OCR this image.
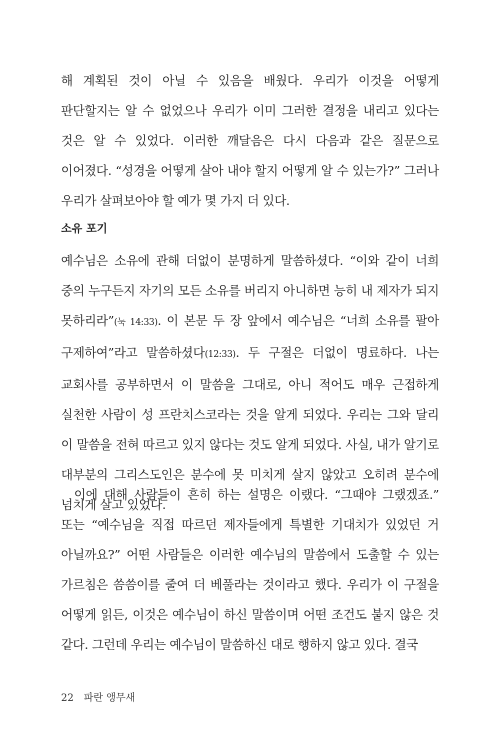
해 계획된 것이 아닐 수 있음을 배웠다. 우리가 이것을 어떻게 판단할지는 알 수 없었으나 우리가 이미 그러한 결정을 내리고 있다는 것은 알 수 있었다. 이러한 깨달음은 다시 다음과 같은 질문으로 이어졌다. “성경을 어떻게 살아 내야 할지 어떻게 알 수 있는가?” 그러나 우리가 살펴보아야 할 예가 몇 가지 더 있다.

소유 포기

예수님은 소유에 관해 더없이 분명하게 말씀하셨다. “이와 같이 너희 중의 누구든지 자기의 모든 소유를 버리지 아니하면 능히 내 제자가 되지 못하리라”(눅 14:33). 이 본문 두 장 앞에서 예수님은 “너희 소유를 팔아 구제하여”라고 말씀하셨다(12:33). 두 구절은 더없이 명료하다. 나는 교회사를 공부하면서 이 말씀을 그대로, 아니 적어도 매우 근접하게 실천한 사람이 성 프란치스코라는 것을 알게 되었다. 우리는 그와 달리 이 말씀을 전혀 따르고 있지 않다는 것도 알게 되었다. 사실, 내가 알기로 대부분의 그리스도인은 분수에 못 미치게 살지 않았고 오히려 분수에 넘치게 살고 있었다.

이에 대해 사람들이 흔히 하는 설명은 이랬다. “그때야 그랬겠죠.” 또는 “예수님을 직접 따르던 제자들에게 특별한 기대치가 있었던 거 아닐까요?” 어떤 사람들은 이러한 예수님의 말씀에서 도출할 수 있는 가르침은 씀씀이를 줄여 더 베풀라는 것이라고 했다. 우리가 이 구절을 어떻게 읽든, 이것은 예수님이 하신 말씀이며 어떤 조건도 붙지 않은 것 같다. 그런데 우리는 예수님이 말씀하신 대로 행하지 않고 있다. 결국

22 파란 앵무새
